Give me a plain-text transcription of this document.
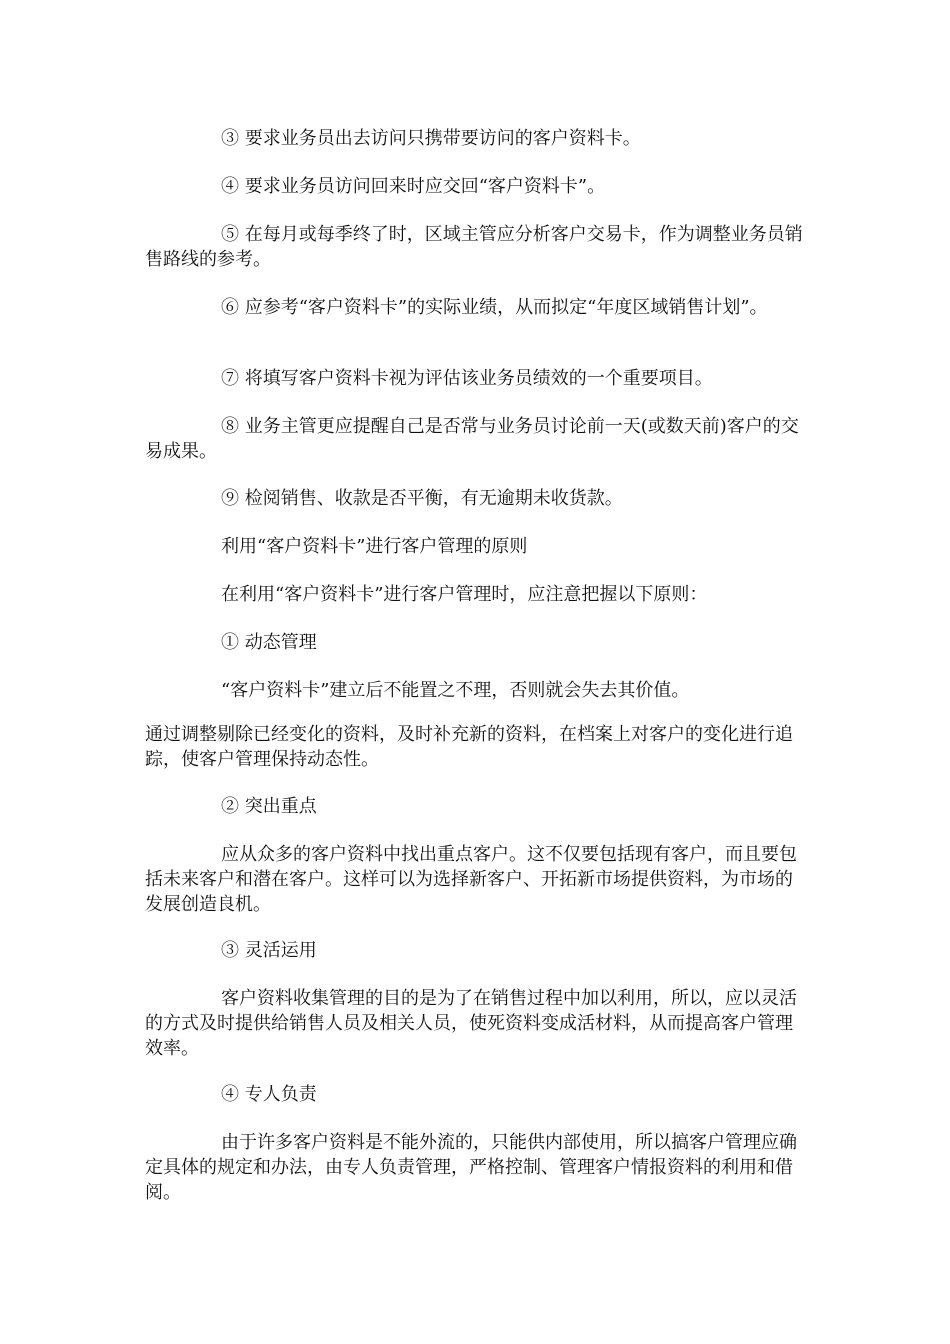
③ 要求业务员出去访问只携带要访问的客户资料卡。

④ 要求业务员访问回来时应交回“客户资料卡”。

⑤ 在每月或每季终了时，区域主管应分析客户交易卡，作为调整业务员销售路线的参考。

⑥ 应参考“客户资料卡”的实际业绩，从而拟定“年度区域销售计划”。

⑦ 将填写客户资料卡视为评估该业务员绩效的一个重要项目。

⑧ 业务主管更应提醒自己是否常与业务员讨论前一天(或数天前)客户的交易成果。

⑨ 检阅销售、收款是否平衡，有无逾期未收货款。

利用“客户资料卡”进行客户管理的原则

在利用“客户资料卡”进行客户管理时，应注意把握以下原则：

① 动态管理

“客户资料卡”建立后不能置之不理，否则就会失去其价值。

通过调整剔除已经变化的资料，及时补充新的资料，在档案上对客户的变化进行追踪，使客户管理保持动态性。

② 突出重点

应从众多的客户资料中找出重点客户。这不仅要包括现有客户，而且要包括未来客户和潜在客户。这样可以为选择新客户、开拓新市场提供资料，为市场的发展创造良机。

③ 灵活运用

客户资料收集管理的目的是为了在销售过程中加以利用，所以，应以灵活的方式及时提供给销售人员及相关人员，使死资料变成活材料，从而提高客户管理效率。

④ 专人负责

由于许多客户资料是不能外流的，只能供内部使用，所以搞客户管理应确定具体的规定和办法，由专人负责管理，严格控制、管理客户情报资料的利用和借阅。
